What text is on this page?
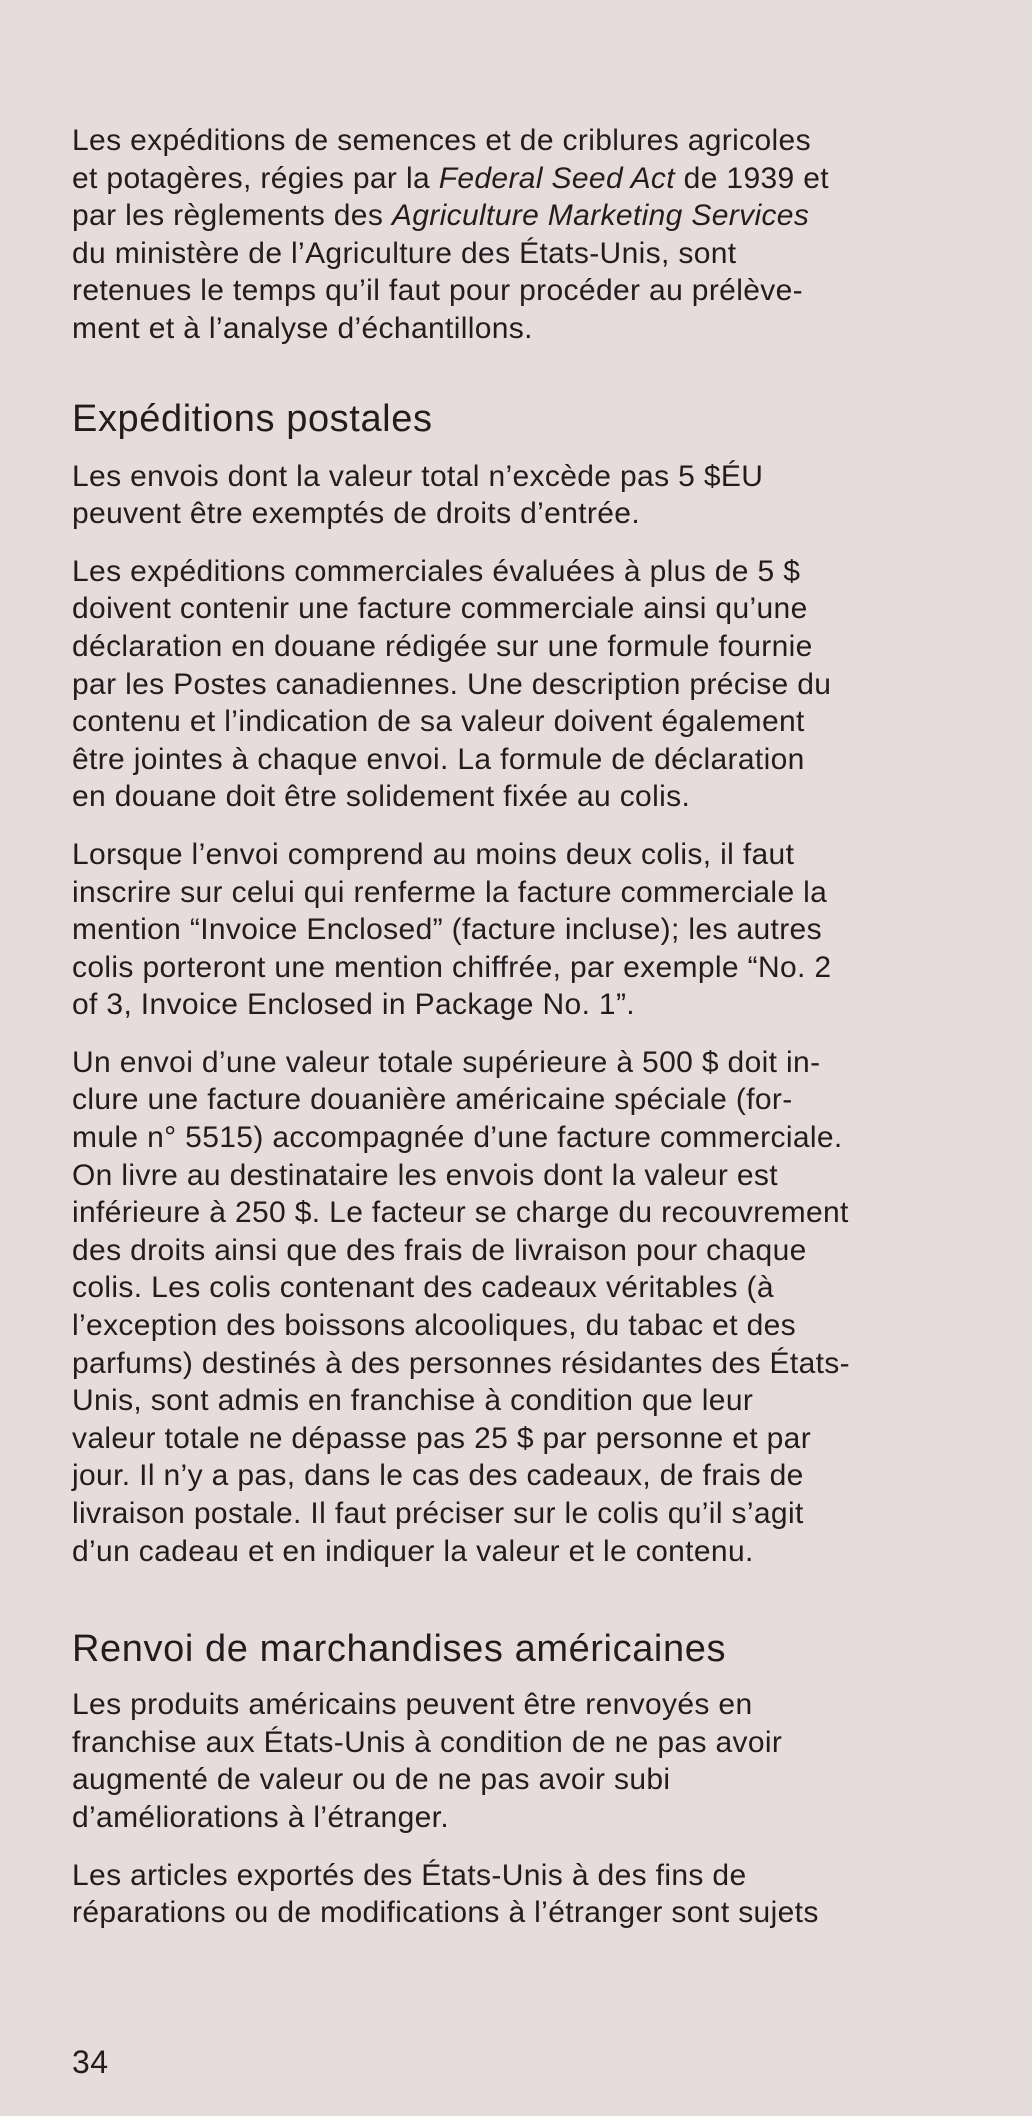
Les expéditions de semences et de criblures agricoles
et potagères, régies par la Federal Seed Act de 1939 et
par les règlements des Agriculture Marketing Services
du ministère de l’Agriculture des États-Unis, sont
retenues le temps qu’il faut pour procéder au prélève-
ment et à l’analyse d’échantillons.

Expéditions postales

Les envois dont la valeur total n’excède pas 5 $ÉU
peuvent être exemptés de droits d’entrée.

Les expéditions commerciales évaluées à plus de 5 $
doivent contenir une facture commerciale ainsi qu’une
déclaration en douane rédigée sur une formule fournie
par les Postes canadiennes. Une description précise du
contenu et l’indication de sa valeur doivent également
être jointes à chaque envoi. La formule de déclaration
en douane doit être solidement fixée au colis.

Lorsque l’envoi comprend au moins deux colis, il faut
inscrire sur celui qui renferme la facture commerciale la
mention “Invoice Enclosed” (facture incluse); les autres
colis porteront une mention chiffrée, par exemple “No. 2
of 3, Invoice Enclosed in Package No. 1”.

Un envoi d’une valeur totale supérieure à 500 $ doit in-
clure une facture douanière américaine spéciale (for-
mule n° 5515) accompagnée d’une facture commerciale.
On livre au destinataire les envois dont la valeur est
inférieure à 250 $. Le facteur se charge du recouvrement
des droits ainsi que des frais de livraison pour chaque
colis. Les colis contenant des cadeaux véritables (à
l’exception des boissons alcooliques, du tabac et des
parfums) destinés à des personnes résidantes des États-
Unis, sont admis en franchise à condition que leur
valeur totale ne dépasse pas 25 $ par personne et par
jour. Il n’y a pas, dans le cas des cadeaux, de frais de
livraison postale. Il faut préciser sur le colis qu’il s’agit
d’un cadeau et en indiquer la valeur et le contenu.

Renvoi de marchandises américaines

Les produits américains peuvent être renvoyés en
franchise aux États-Unis à condition de ne pas avoir
augmenté de valeur ou de ne pas avoir subi
d’améliorations à l’étranger.

Les articles exportés des États-Unis à des fins de
réparations ou de modifications à l’étranger sont sujets

34
